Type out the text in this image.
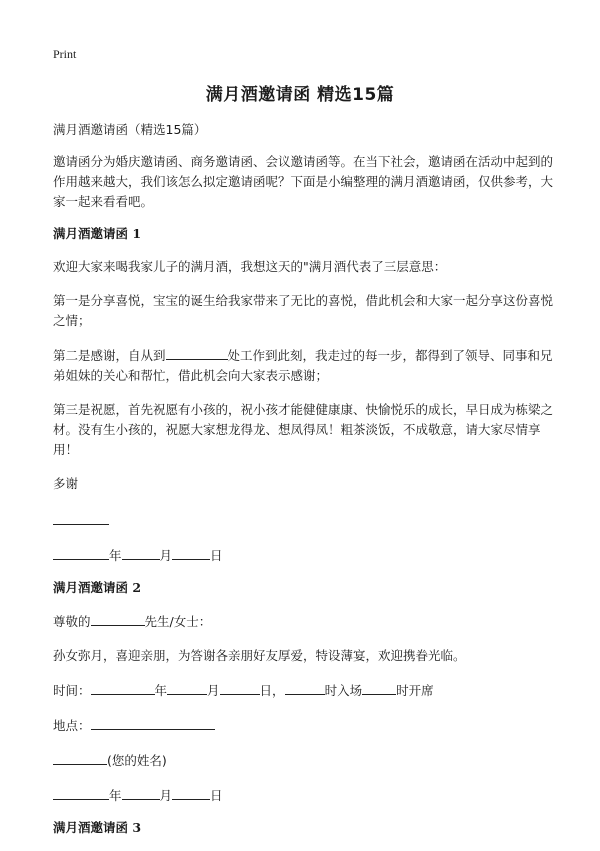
Print
满月酒邀请函 精选15篇

满月酒邀请函（精选15篇）

邀请函分为婚庆邀请函、商务邀请函、会议邀请函等。在当下社会，邀请函在活动中起到的作用越来越大，我们该怎么拟定邀请函呢？下面是小编整理的满月酒邀请函，仅供参考，大家一起来看看吧。

满月酒邀请函 1

欢迎大家来喝我家儿子的满月酒，我想这天的"满月酒代表了三层意思：

第一是分享喜悦，宝宝的诞生给我家带来了无比的喜悦，借此机会和大家一起分享这份喜悦之情；

第二是感谢，自从到	处工作到此刻，我走过的每一步，都得到了领导、同事和兄弟姐妹的关心和帮忙，借此机会向大家表示感谢；

第三是祝愿，首先祝愿有小孩的，祝小孩才能健健康康、快愉悦乐的成长，早日成为栋梁之材。没有生小孩的，祝愿大家想龙得龙、想凤得凤！粗茶淡饭，不成敬意，请大家尽情享用！

多谢

年	月	日

满月酒邀请函 2

尊敬的	先生/女士：

孙女弥月，喜迎亲朋，为答谢各亲朋好友厚爱，特设薄宴，欢迎携眷光临。

时间：	年	月	日，	时入场	时开席

地点：

(您的姓名)

年	月	日

满月酒邀请函 3
